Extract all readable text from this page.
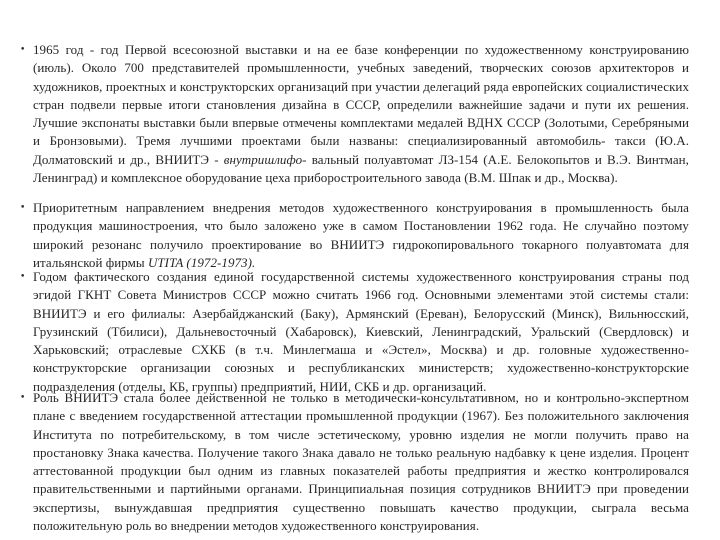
• 1965 год - год Первой всесоюзной выставки и на ее базе конференции по художественному конструированию (июль). Около 700 представителей промышленности, учебных заведений, творческих союзов архитекторов и художников, проектных и конструкторских организаций при участии делегаций ряда европейских социалистических стран подвели первые итоги становления дизайна в СССР, определили важнейшие задачи и пути их решения. Лучшие экспонаты выставки были впервые отмечены комплектами медалей ВДНХ СССР (Золотыми, Серебряными и Бронзовыми). Тремя лучшими проектами были названы: специализированный автомобиль- такси (Ю.А. Долматовский и др., ВНИИТЭ - внутришлифо- вальный полуавтомат ЛЗ-154 (А.Е. Белокопытов и В.Э. Винтман, Ленинград) и комплексное оборудование цеха приборостроительного завода (В.М. Шпак и др., Москва).

• Приоритетным направлением внедрения методов художественного конструирования в промышленность была продукция машиностроения, что было заложено уже в самом Постановлении 1962 года. Не случайно поэтому широкий резонанс получило проектирование во ВНИИТЭ гидрокопировального токарного полуавтомата для итальянской фирмы UTITA (1972-1973).

• Годом фактического создания единой государственной системы художественного конструирования страны под эгидой ГКНТ Совета Министров СССР можно считать 1966 год. Основными элементами этой системы стали: ВНИИТЭ и его филиалы: Азербайджанский (Баку), Армянский (Ереван), Белорусский (Минск), Вильнюсский, Грузинский (Тбилиси), Дальневосточный (Хабаровск), Киевский, Ленинградский, Уральский (Свердловск) и Харьковский; отраслевые СХКБ (в т.ч. Минлегмаша и «Эстел», Москва) и др. головные художественно-конструкторские организации союзных и республиканских министерств; художественно-конструкторские подразделения (отделы, КБ, группы) предприятий, НИИ, СКБ и др. организаций.

• Роль ВНИИТЭ стала более действенной не только в методически-консультативном, но и контрольно-экспертном плане с введением государственной аттестации промышленной продукции (1967). Без положительного заключения Института по потребительскому, в том числе эстетическому, уровню изделия не могли получить право на простановку Знака качества. Получение такого Знака давало не только реальную надбавку к цене изделия. Процент аттестованной продукции был одним из главных показателей работы предприятия и жестко контролировался правительственными и партийными органами. Принципиальная позиция сотрудников ВНИИТЭ при проведении экспертизы, вынуждавшая предприятия существенно повышать качество продукции, сыграла весьма положительную роль во внедрении методов художественного конструирования.
